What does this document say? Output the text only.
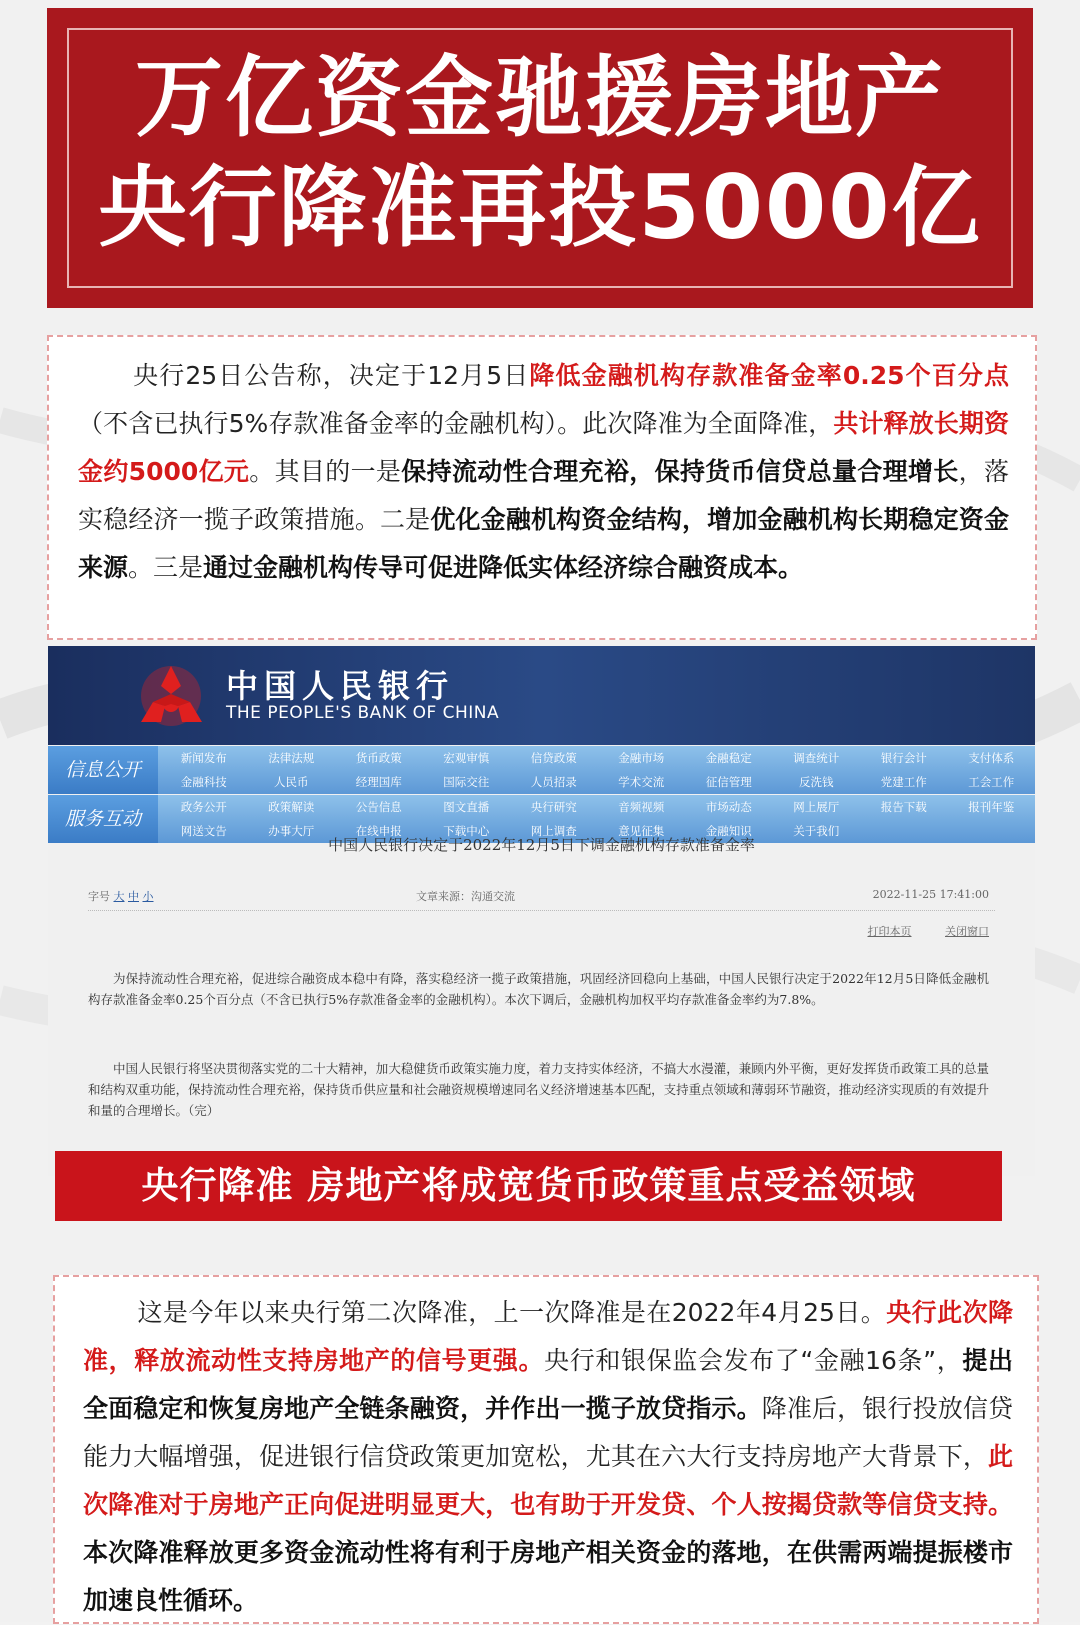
万亿资金驰援房地产
央行降准再投5000亿
央行25日公告称，决定于12月5日降低金融机构存款准备金率0.25个百分点（不含已执行5%存款准备金率的金融机构）。此次降准为全面降准，共计释放长期资金约5000亿元。其目的一是保持流动性合理充裕，保持货币信贷总量合理增长，落实稳经济一揽子政策措施。二是优化金融机构资金结构，增加金融机构长期稳定资金来源。三是通过金融机构传导可促进降低实体经济综合融资成本。
中国人民银行
THE PEOPLE'S BANK OF CHINA
信息公开
新闻发布	法律法规	货币政策	宏观审慎	信贷政策	金融市场	金融稳定	调查统计	银行会计	支付体系
金融科技	人民币	经理国库	国际交往	人员招录	学术交流	征信管理	反洗钱	党建工作	工会工作
服务互动
政务公开	政策解读	公告信息	图文直播	央行研究	音频视频	市场动态	网上展厅	报告下载	报刊年鉴
网送文告	办事大厅	在线申报	下载中心	网上调查	意见征集	金融知识	关于我们
中国人民银行决定于2022年12月5日下调金融机构存款准备金率
字号 大 中 小	文章来源：沟通交流	2022-11-25 17:41:00
打印本页	关闭窗口
为保持流动性合理充裕，促进综合融资成本稳中有降，落实稳经济一揽子政策措施，巩固经济回稳向上基础，中国人民银行决定于2022年12月5日降低金融机构存款准备金率0.25个百分点（不含已执行5%存款准备金率的金融机构）。本次下调后，金融机构加权平均存款准备金率约为7.8%。
中国人民银行将坚决贯彻落实党的二十大精神，加大稳健货币政策实施力度，着力支持实体经济，不搞大水漫灌，兼顾内外平衡，更好发挥货币政策工具的总量和结构双重功能，保持流动性合理充裕，保持货币供应量和社会融资规模增速同名义经济增速基本匹配，支持重点领域和薄弱环节融资，推动经济实现质的有效提升和量的合理增长。（完）
央行降准 房地产将成宽货币政策重点受益领域
这是今年以来央行第二次降准，上一次降准是在2022年4月25日。央行此次降准，释放流动性支持房地产的信号更强。央行和银保监会发布了“金融16条”，提出全面稳定和恢复房地产全链条融资，并作出一揽子放贷指示。降准后，银行投放信贷能力大幅增强，促进银行信贷政策更加宽松，尤其在六大行支持房地产大背景下，此次降准对于房地产正向促进明显更大，也有助于开发贷、个人按揭贷款等信贷支持。本次降准释放更多资金流动性将有利于房地产相关资金的落地，在供需两端提振楼市加速良性循环。
